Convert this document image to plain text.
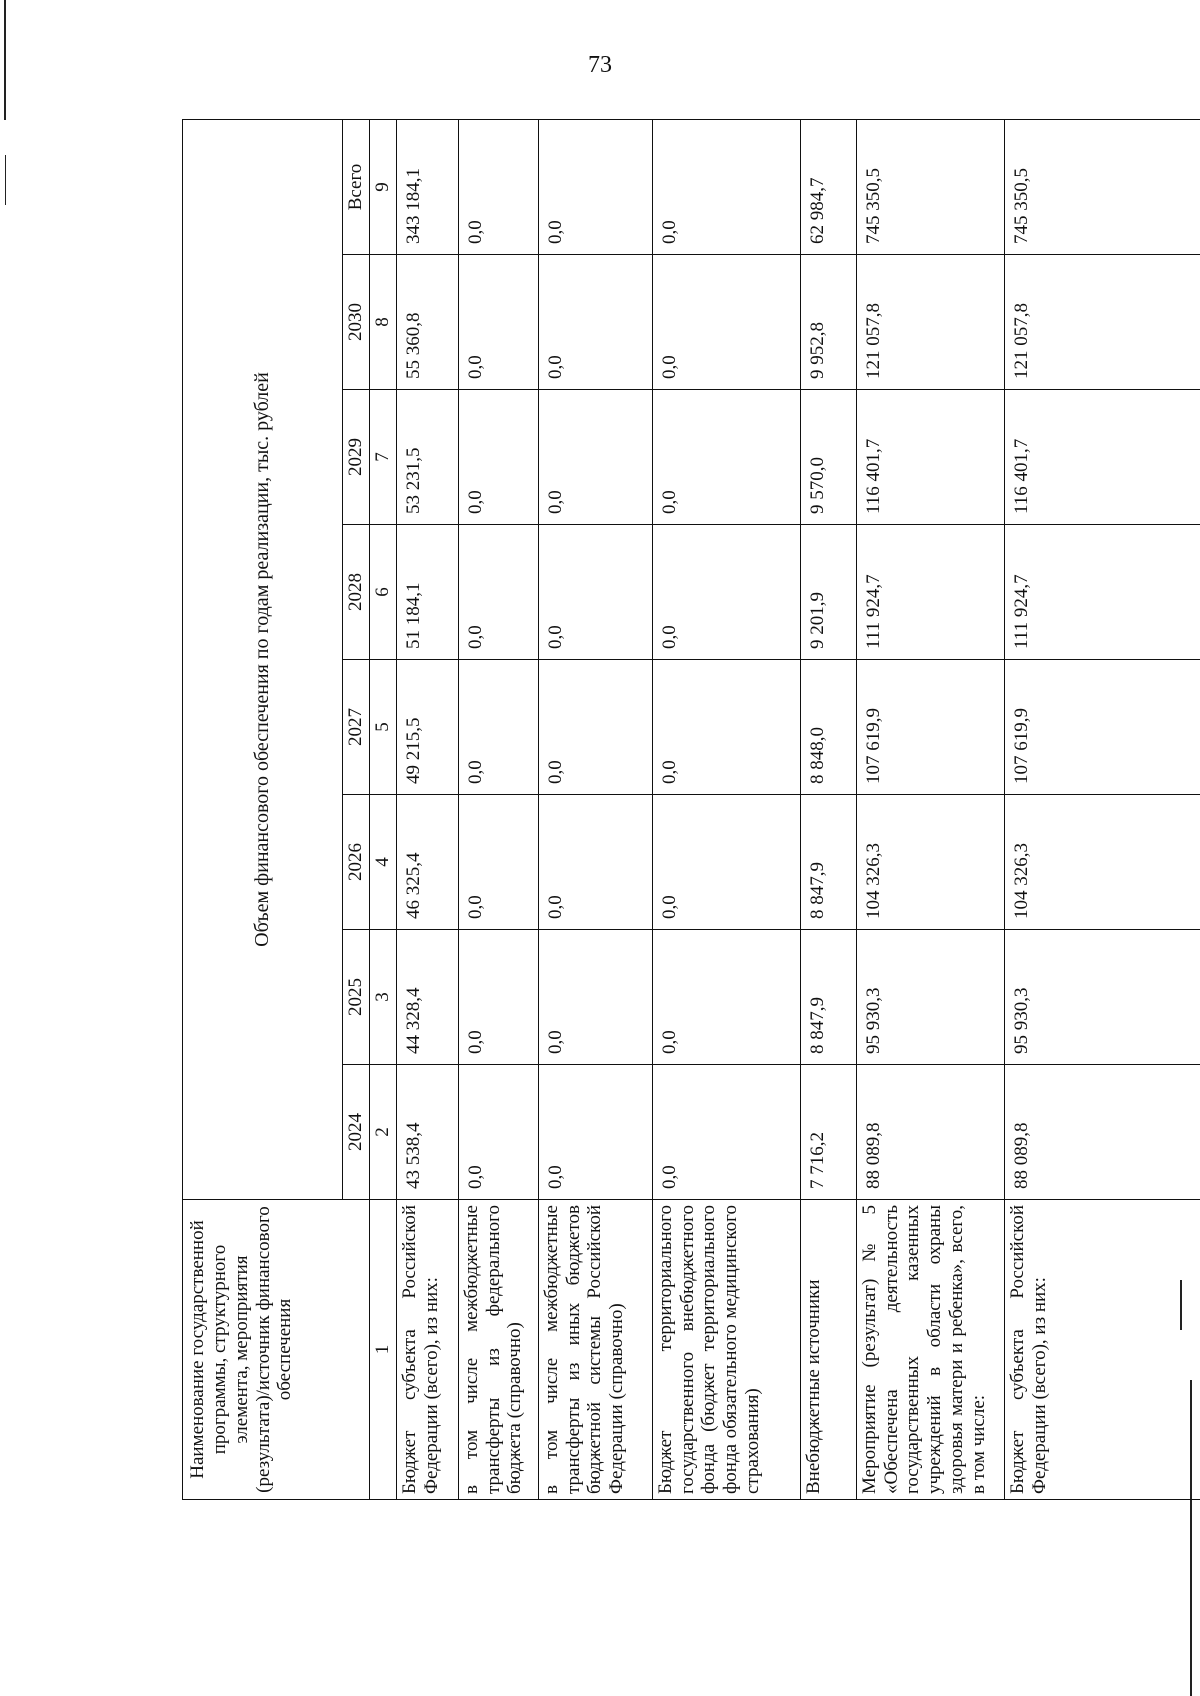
73
Наименование государственной программы, структурного элемента, мероприятия (результата)/источник финансового обеспечения	Объем финансового обеспечения по годам реализации, тыс. рублей							
	2024	2025	2026	2027	2028	2029	2030	Всего
1	2	3	4	5	6	7	8	9
Бюджет субъекта Российской Федерации (всего), из них:	43 538,4	44 328,4	46 325,4	49 215,5	51 184,1	53 231,5	55 360,8	343 184,1
в том числе межбюджетные трансферты из федерального бюджета (справочно)	0,0	0,0	0,0	0,0	0,0	0,0	0,0	0,0
в том числе межбюджетные трансферты из иных бюджетов бюджетной системы Российской Федерации (справочно)	0,0	0,0	0,0	0,0	0,0	0,0	0,0	0,0
Бюджет территориального государственного внебюджетного фонда (бюджет территориального фонда обязательного медицинского страхования)	0,0	0,0	0,0	0,0	0,0	0,0	0,0	0,0
Внебюджетные источники	7 716,2	8 847,9	8 847,9	8 848,0	9 201,9	9 570,0	9 952,8	62 984,7
Мероприятие (результат) № 5 «Обеспечена деятельность государственных казенных учреждений в области охраны здоровья матери и ребенка», всего, в том числе:	88 089,8	95 930,3	104 326,3	107 619,9	111 924,7	116 401,7	121 057,8	745 350,5
Бюджет субъекта Российской Федерации (всего), из них:	88 089,8	95 930,3	104 326,3	107 619,9	111 924,7	116 401,7	121 057,8	745 350,5
